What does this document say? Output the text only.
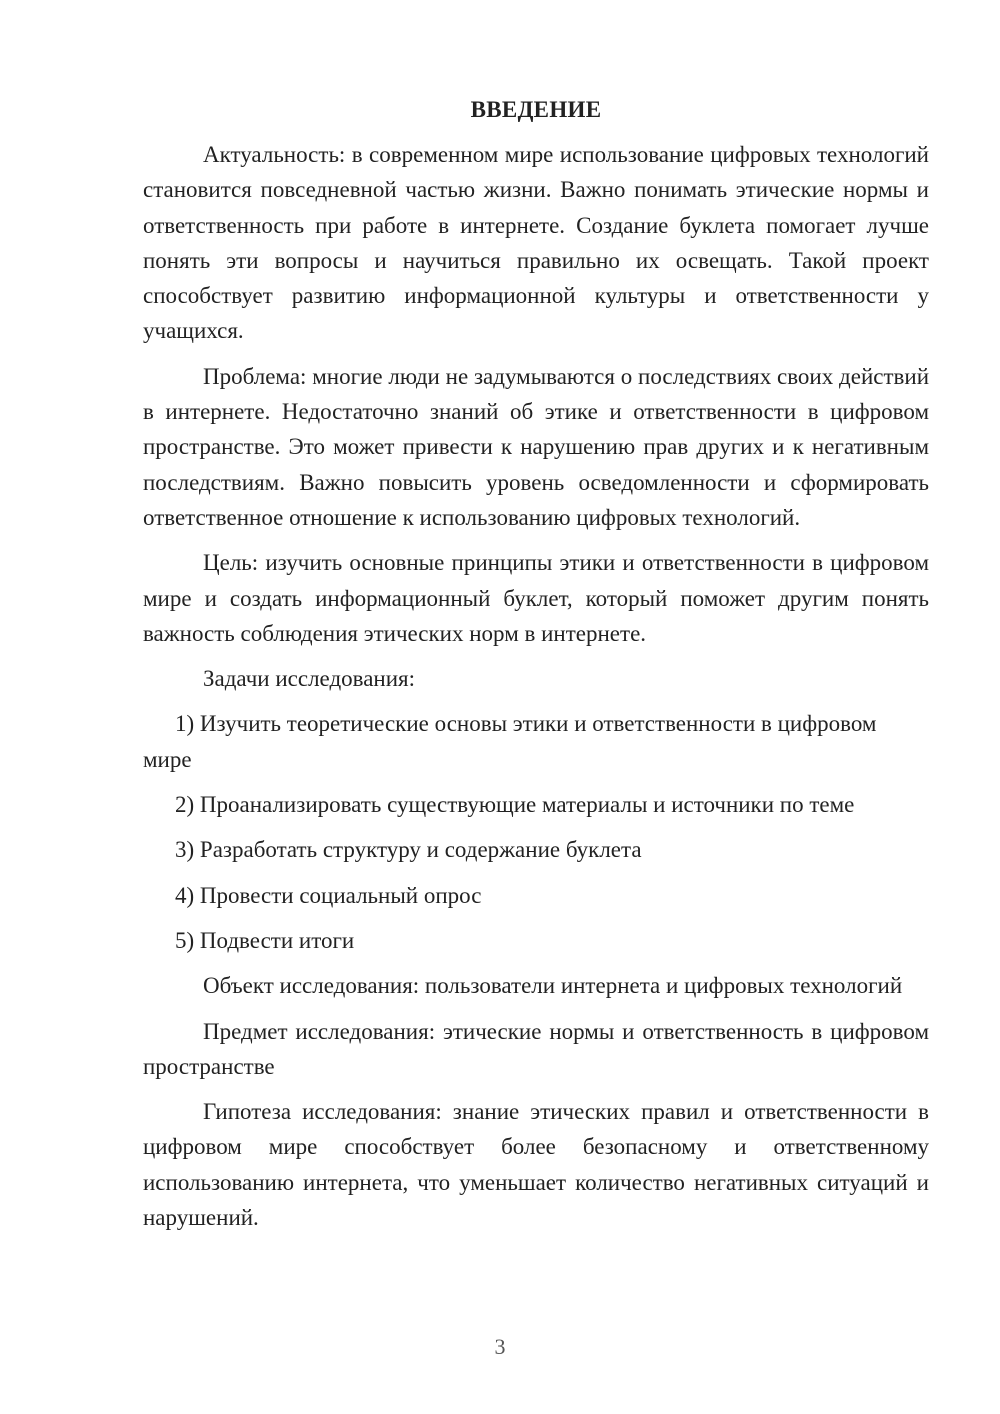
ВВЕДЕНИЕ

Актуальность: в современном мире использование цифровых технологий становится повседневной частью жизни. Важно понимать этические нормы и ответственность при работе в интернете. Создание буклета помогает лучше понять эти вопросы и научиться правильно их освещать. Такой проект способствует развитию информационной культуры и ответственности у учащихся.

Проблема: многие люди не задумываются о последствиях своих действий в интернете. Недостаточно знаний об этике и ответственности в цифровом пространстве. Это может привести к нарушению прав других и к негативным последствиям. Важно повысить уровень осведомленности и сформировать ответственное отношение к использованию цифровых технологий.

Цель: изучить основные принципы этики и ответственности в цифровом мире и создать информационный буклет, который поможет другим понять важность соблюдения этических норм в интернете.

Задачи исследования:

1) Изучить теоретические основы этики и ответственности в цифровом мире

2) Проанализировать существующие материалы и источники по теме

3) Разработать структуру и содержание буклета

4) Провести социальный опрос

5) Подвести итоги

Объект исследования: пользователи интернета и цифровых технологий

Предмет исследования: этические нормы и ответственность в цифровом пространстве

Гипотеза исследования: знание этических правил и ответственности в цифровом мире способствует более безопасному и ответственному использованию интернета, что уменьшает количество негативных ситуаций и нарушений.

3
